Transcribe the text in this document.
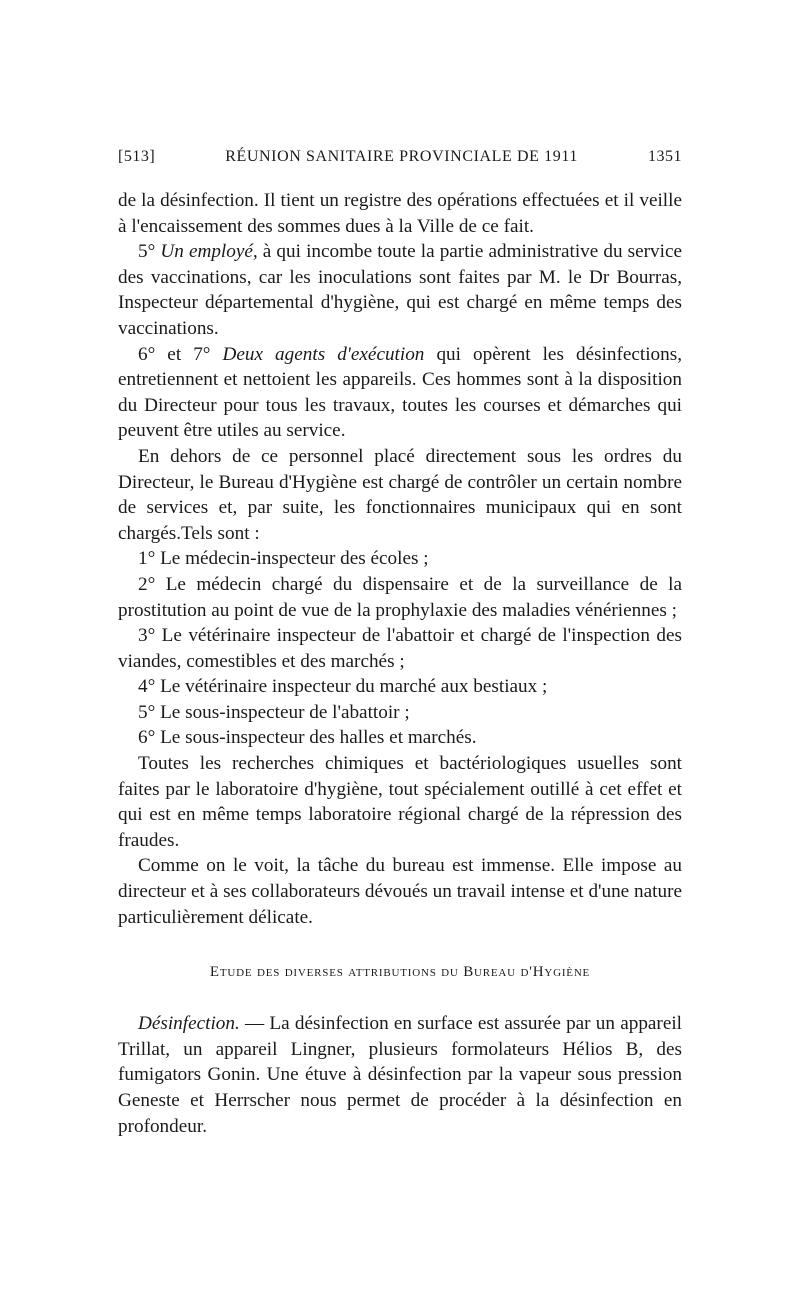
[513]	RÉUNION SANITAIRE PROVINCIALE DE 1911	1351

de la désinfection. Il tient un registre des opérations effectuées et il veille à l'encaissement des sommes dues à la Ville de ce fait.

5° Un employé, à qui incombe toute la partie administrative du service des vaccinations, car les inoculations sont faites par M. le Dr Bourras, Inspecteur départemental d'hygiène, qui est chargé en même temps des vaccinations.

6° et 7° Deux agents d'exécution qui opèrent les désinfections, entretiennent et nettoient les appareils. Ces hommes sont à la disposition du Directeur pour tous les travaux, toutes les courses et démarches qui peuvent être utiles au service.

En dehors de ce personnel placé directement sous les ordres du Directeur, le Bureau d'Hygiène est chargé de contrôler un certain nombre de services et, par suite, les fonctionnaires municipaux qui en sont chargés.Tels sont :

1° Le médecin-inspecteur des écoles ;

2° Le médecin chargé du dispensaire et de la surveillance de la prostitution au point de vue de la prophylaxie des maladies vénériennes ;

3° Le vétérinaire inspecteur de l'abattoir et chargé de l'inspection des viandes, comestibles et des marchés ;

4° Le vétérinaire inspecteur du marché aux bestiaux ;

5° Le sous-inspecteur de l'abattoir ;

6° Le sous-inspecteur des halles et marchés.

Toutes les recherches chimiques et bactériologiques usuelles sont faites par le laboratoire d'hygiène, tout spécialement outillé à cet effet et qui est en même temps laboratoire régional chargé de la répression des fraudes.

Comme on le voit, la tâche du bureau est immense. Elle impose au directeur et à ses collaborateurs dévoués un travail intense et d'une nature particulièrement délicate.

Etude des diverses attributions du Bureau d'Hygiène

Désinfection. — La désinfection en surface est assurée par un appareil Trillat, un appareil Lingner, plusieurs formolateurs Hélios B, des fumigators Gonin. Une étuve à désinfection par la vapeur sous pression Geneste et Herrscher nous permet de procéder à la désinfection en profondeur.
